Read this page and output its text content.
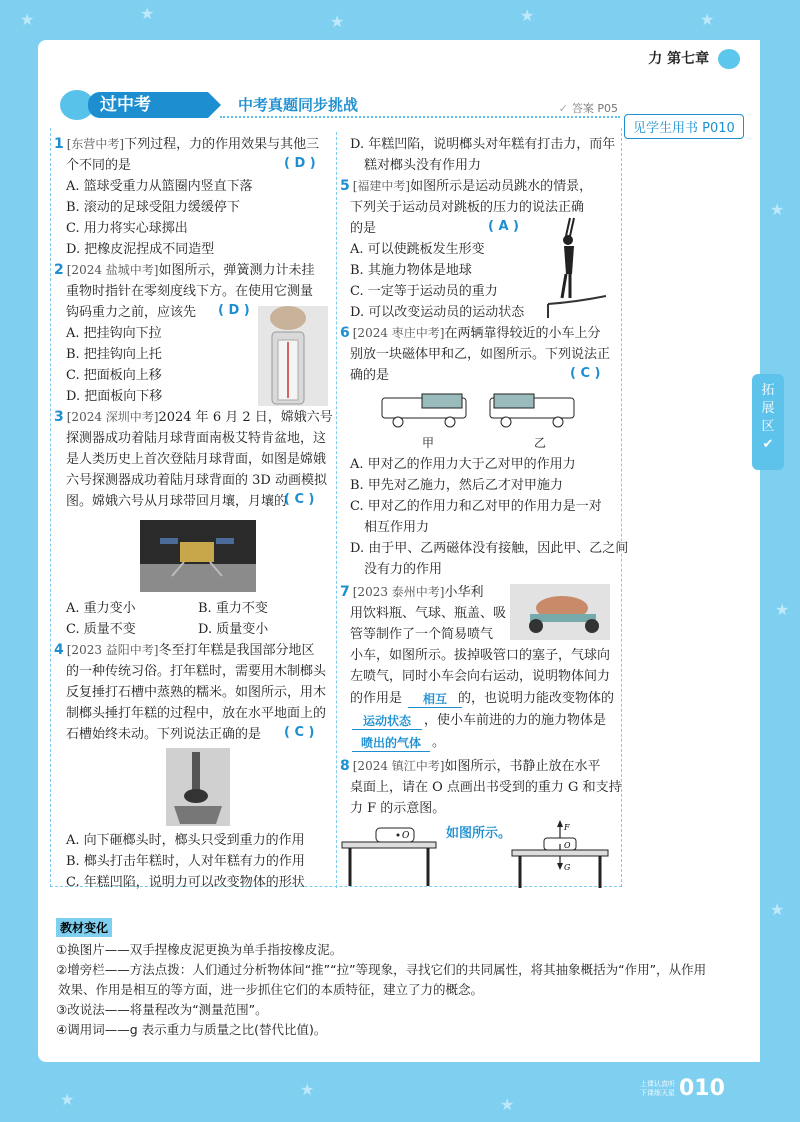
★	★	★	★	★
★
★
★
★
★
★
力 第七章
过中考	中考真题同步挑战	✓ 答案 P05
见学生用书 P010
拓
展
区
✔
1 [东营中考]下列过程，力的作用效果与其他三
个不同的是	( D )
A. 篮球受重力从篮圈内竖直下落
B. 滚动的足球受阻力缓缓停下
C. 用力将实心球掷出
D. 把橡皮泥捏成不同造型
2 [2024 盐城中考]如图所示，弹簧测力计未挂
重物时指针在零刻度线下方。在使用它测量
钩码重力之前，应该先 ( D )
A. 把挂钩向下拉
B. 把挂钩向上托
C. 把面板向上移
D. 把面板向下移
3 [2024 深圳中考]2024 年 6 月 2 日，嫦娥六号
探测器成功着陆月球背面南极艾特肯盆地，这
是人类历史上首次登陆月球背面，如图是嫦娥
六号探测器成功着陆月球背面的 3D 动画模拟
图。嫦娥六号从月球带回月壤，月壤的
( C )
A. 重力变小	B. 重力不变
C. 质量不变	D. 质量变小
4 [2023 益阳中考]冬至打年糕是我国部分地区
的一种传统习俗。打年糕时，需要用木制榔头
反复捶打石槽中蒸熟的糯米。如图所示，用木
制榔头捶打年糕的过程中，放在水平地面上的
石槽始终未动。下列说法正确的是 ( C )
A. 向下砸榔头时，榔头只受到重力的作用
B. 榔头打击年糕时，人对年糕有力的作用
C. 年糕凹陷，说明力可以改变物体的形状
D. 年糕凹陷，说明榔头对年糕有打击力，而年
糕对榔头没有作用力
5 [福建中考]如图所示是运动员跳水的情景，
下列关于运动员对跳板的压力的说法正确
的是	( A )
A. 可以使跳板发生形变
B. 其施力物体是地球
C. 一定等于运动员的重力
D. 可以改变运动员的运动状态
6 [2024 枣庄中考]在两辆靠得较近的小车上分
别放一块磁体甲和乙，如图所示。下列说法正
确的是	( C )
甲	乙
A. 甲对乙的作用力大于乙对甲的作用力
B. 甲先对乙施力，然后乙才对甲施力
C. 甲对乙的作用力和乙对甲的作用力是一对
相互作用力
D. 由于甲、乙两磁体没有接触，因此甲、乙之间
没有力的作用
7 [2023 泰州中考]小华利
用饮料瓶、气球、瓶盖、吸
管等制作了一个简易喷气
小车，如图所示。拔掉吸管口的塞子，气球向
左喷气，同时小车会向右运动，说明物体间力
的作用是	的，也说明力能改变物体的
相互
，使小车前进的力的施力物体是
运动状态
。
喷出的气体
8 [2024 镇江中考]如图所示，书静止放在水平
桌面上，请在 O 点画出书受到的重力 G 和支持
力 F 的示意图。
如图所示。
O
F
O
G
教材变化
①换图片——双手捏橡皮泥更换为单手指按橡皮泥。
②增旁栏——方法点拨：人们通过分析物体间“推”“拉”等现象，寻找它们的共同属性，将其抽象概括为“作用”，从作用
效果、作用是相互的等方面，进一步抓住它们的本质特征，建立了力的概念。
③改说法——将量程改为“测量范围”。
④调用词——g 表示重力与质量之比(替代比值)。
上课认真听
下课练天星 010
